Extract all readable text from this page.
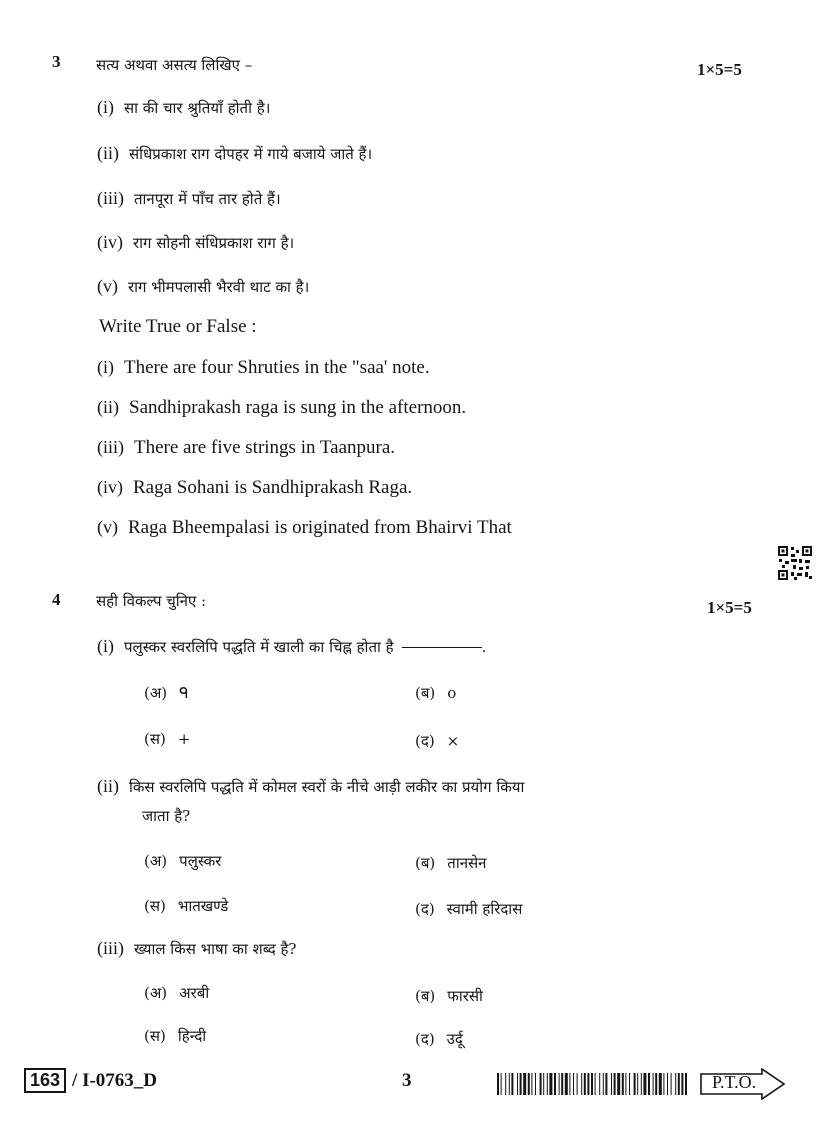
3 सत्य अथवा असत्य लिखिए –	1×5=5
(i) सा की चार श्रुतियाँ होती है।
(ii) संधिप्रकाश राग दोपहर में गाये बजाये जाते हैं।
(iii) तानपूरा में पाँच तार होते हैं।
(iv) राग सोहनी संधिप्रकाश राग है।
(v) राग भीमपलासी भैरवी थाट का है।
Write True or False :
(i) There are four Shruties in the "saa' note.
(ii) Sandhiprakash raga is sung in the afternoon.
(iii) There are five strings in Taanpura.
(iv) Raga Sohani is Sandhiprakash Raga.
(v) Raga Bheempalasi is originated from Bhairvi That
4 सही विकल्प चुनिए :	1×5=5
(i) पलुस्कर स्वरलिपि पद्धति में खाली का चिह्न होता है	.
(अ) ᑫ	(ब) o
(स) +	(द) ×
(ii) किस स्वरलिपि पद्धति में कोमल स्वरों के नीचे आड़ी लकीर का प्रयोग किया
जाता है?
(अ) पलुस्कर	(ब) तानसेन
(स) भातखण्डे	(द) स्वामी हरिदास
(iii) ख्याल किस भाषा का शब्द है?
(अ) अरबी	(ब) फारसी
(स) हिन्दी	(द) उर्दू
163 / I-0763_D	3	P.T.O.
